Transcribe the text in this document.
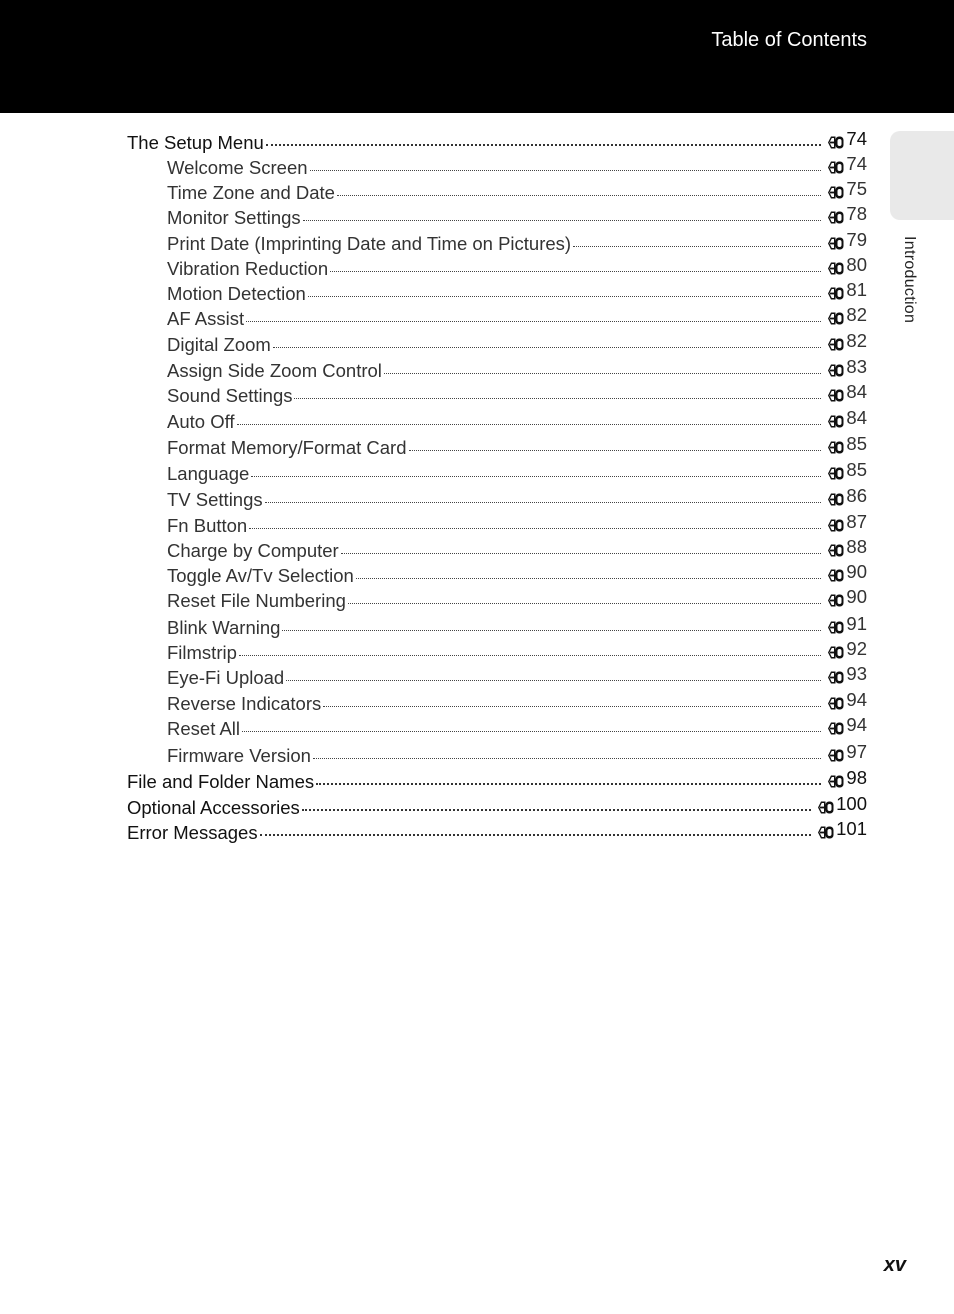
Table of Contents
Introduction
The Setup Menu	74
Welcome Screen	74
Time Zone and Date	75
Monitor Settings	78
Print Date (Imprinting Date and Time on Pictures)	79
Vibration Reduction	80
Motion Detection	81
AF Assist	82
Digital Zoom	82
Assign Side Zoom Control	83
Sound Settings	84
Auto Off	84
Format Memory/Format Card	85
Language	85
TV Settings	86
Fn Button	87
Charge by Computer	88
Toggle Av/Tv Selection	90
Reset File Numbering	90
Blink Warning	91
Filmstrip	92
Eye-Fi Upload	93
Reverse Indicators	94
Reset All	94
Firmware Version	97
File and Folder Names	98
Optional Accessories	100
Error Messages	101
xv
